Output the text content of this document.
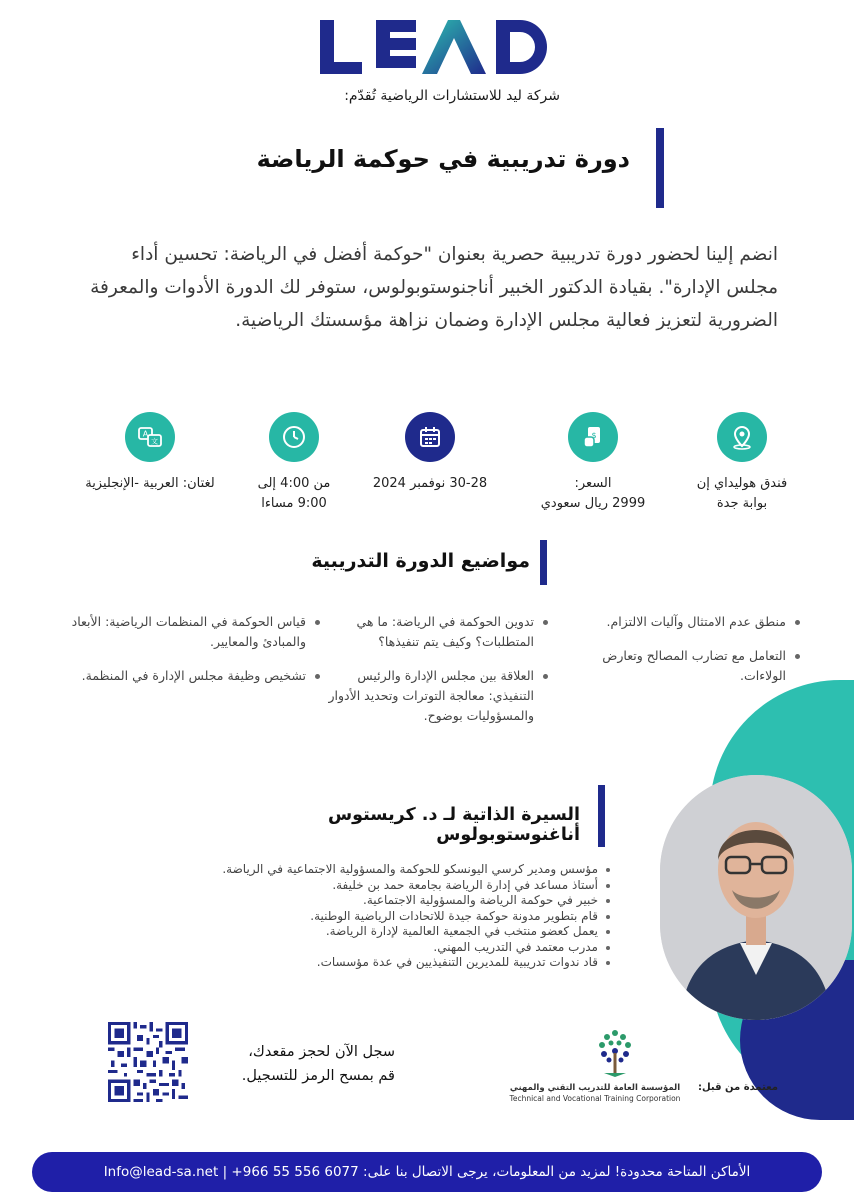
شركة ليد للاستشارات الرياضية تُقدّم:
دورة تدريبية في حوكمة الرياضة
انضم إلينا لحضور دورة تدريبية حصرية بعنوان "حوكمة أفضل في الرياضة: تحسين أداء مجلس الإدارة". بقيادة الدكتور الخبير أناجنوستوبولوس، ستوفر لك الدورة الأدوات والمعرفة الضرورية لتعزيز فعالية مجلس الإدارة وضمان نزاهة مؤسستك الرياضية.
فندق هوليداي إن
بوابة جدة
$
السعر:
2999 ريال سعودي
30-28 نوفمبر 2024
من 4:00 إلى
9:00 مساءا
A
文
لغتان: العربية -الإنجليزية
مواضيع الدورة التدريبية
منطق عدم الامتثال وآليات الالتزام.
التعامل مع تضارب المصالح وتعارض الولاءات.
تدوين الحوكمة في الرياضة: ما هي المتطلبات؟ وكيف يتم تنفيذها؟
العلاقة بين مجلس الإدارة والرئيس التنفيذي: معالجة التوترات وتحديد الأدوار والمسؤوليات بوضوح.
قياس الحوكمة في المنظمات الرياضية: الأبعاد والمبادئ والمعايير.
تشخيص وظيفة مجلس الإدارة في المنظمة.
السيرة الذاتية لـ د. كريستوس أناغنوستوبولوس
مؤسس ومدير كرسي اليونسكو للحوكمة والمسؤولية الاجتماعية في الرياضة.
أستاذ مساعد في إدارة الرياضة بجامعة حمد بن خليفة.
خبير في حوكمة الرياضة والمسؤولية الاجتماعية.
قام بتطوير مدونة حوكمة جيدة للاتحادات الرياضية الوطنية.
يعمل كعضو منتخب في الجمعية العالمية لإدارة الرياضة.
مدرب معتمد في التدريب المهني.
قاد ندوات تدريبية للمديرين التنفيذيين في عدة مؤسسات.
سجل الآن لحجز مقعدك،
قم بمسح الرمز للتسجيل.
المؤسسة العامة للتدريب التقني والمهني
Technical and Vocational Training Corporation
معتمدة من قبل:
الأماكن المتاحة محدودة! لمزيد من المعلومات، يرجى الاتصال بنا على: 6077 556 55 966+ | Info@lead-sa.net
